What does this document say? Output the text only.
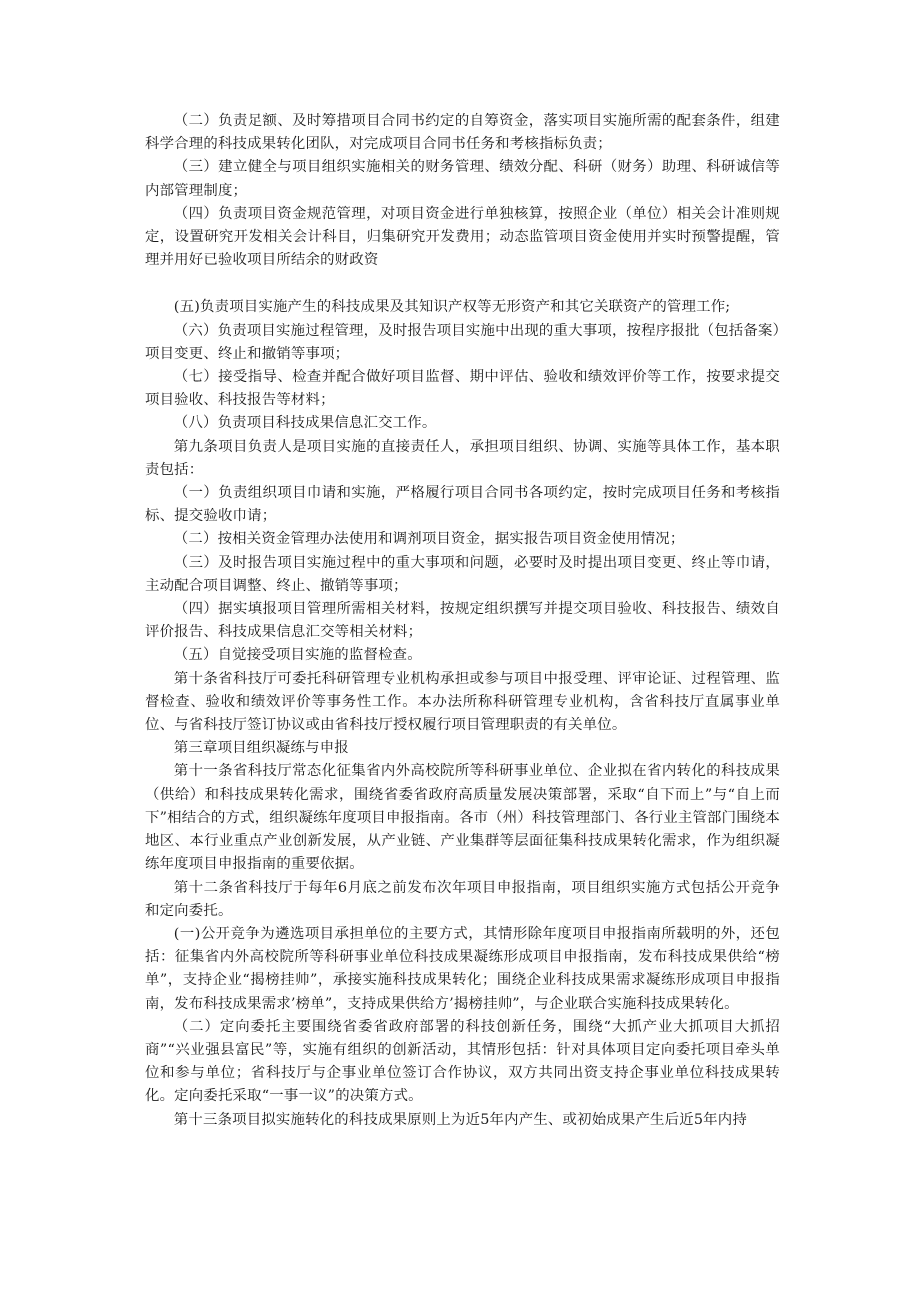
（二）负责足额、及时筹措项目合同书约定的自筹资金，落实项目实施所需的配套条件，组建科学合理的科技成果转化团队，对完成项目合同书任务和考核指标负责；

（三）建立健全与项目组织实施相关的财务管理、绩效分配、科研（财务）助理、科研诚信等内部管理制度；

（四）负责项目资金规范管理，对项目资金进行单独核算，按照企业（单位）相关会计准则规定，设置研究开发相关会计科目，归集研究开发费用；动态监管项目资金使用并实时预警提醒，管理并用好已验收项目所结余的财政资

(五)负责项目实施产生的科技成果及其知识产权等无形资产和其它关联资产的管理工作;

（六）负责项目实施过程管理，及时报告项目实施中出现的重大事项，按程序报批（包括备案）项目变更、终止和撤销等事项；

（七）接受指导、检查并配合做好项目监督、期中评估、验收和绩效评价等工作，按要求提交项目验收、科技报告等材料；

（八）负责项目科技成果信息汇交工作。

第九条项目负责人是项目实施的直接责任人，承担项目组织、协调、实施等具体工作，基本职责包括：

（一）负责组织项目巾请和实施，严格履行项目合同书各项约定，按时完成项目任务和考核指标、提交验收巾请；

（二）按相关资金管理办法使用和调剂项目资金，据实报告项目资金使用情况；

（三）及时报告项目实施过程中的重大事项和问题，必要时及时提出项目变更、终止等巾请，主动配合项目调整、终止、撤销等事项；

（四）据实填报项目管理所需相关材料，按规定组织撰写并提交项目验收、科技报告、绩效自评价报告、科技成果信息汇交等相关材料；

（五）自觉接受项目实施的监督检查。

第十条省科技厅可委托科研管理专业机构承担或参与项目中报受理、评审论证、过程管理、监督检查、验收和绩效评价等事务性工作。本办法所称科研管理专业机构，含省科技厅直属事业单位、与省科技厅签订协议或由省科技厅授权履行项目管理职责的有关单位。

第三章项目组织凝练与申报

第十一条省科技厅常态化征集省内外高校院所等科研事业单位、企业拟在省内转化的科技成果（供给）和科技成果转化需求，围绕省委省政府高质量发展决策部署，采取“自下而上”与“自上而下”相结合的方式，组织凝练年度项目申报指南。各市（州）科技管理部门、各行业主管部门围绕本地区、本行业重点产业创新发展，从产业链、产业集群等层面征集科技成果转化需求，作为组织凝练年度项目申报指南的重要依据。

第十二条省科技厅于每年6月底之前发布次年项目申报指南，项目组织实施方式包括公开竞争和定向委托。

(一)公开竞争为遴选项目承担单位的主要方式，其情形除年度项目申报指南所载明的外，还包括：征集省内外高校院所等科研事业单位科技成果凝练形成项目申报指南，发布科技成果供给“榜单”，支持企业“揭榜挂帅”，承接实施科技成果转化；围绕企业科技成果需求凝练形成项目申报指南，发布科技成果需求’榜单”，支持成果供给方’揭榜挂帅”，与企业联合实施科技成果转化。

（二）定向委托主要围绕省委省政府部署的科技创新任务，围绕“大抓产业大抓项目大抓招商”“兴业强县富民”等，实施有组织的创新活动，其情形包括：针对具体项目定向委托项目牵头单位和参与单位；省科技厅与企事业单位签订合作协议，双方共同出资支持企事业单位科技成果转化。定向委托采取“一事一议”的决策方式。

第十三条项目拟实施转化的科技成果原则上为近5年内产生、或初始成果产生后近5年内持
